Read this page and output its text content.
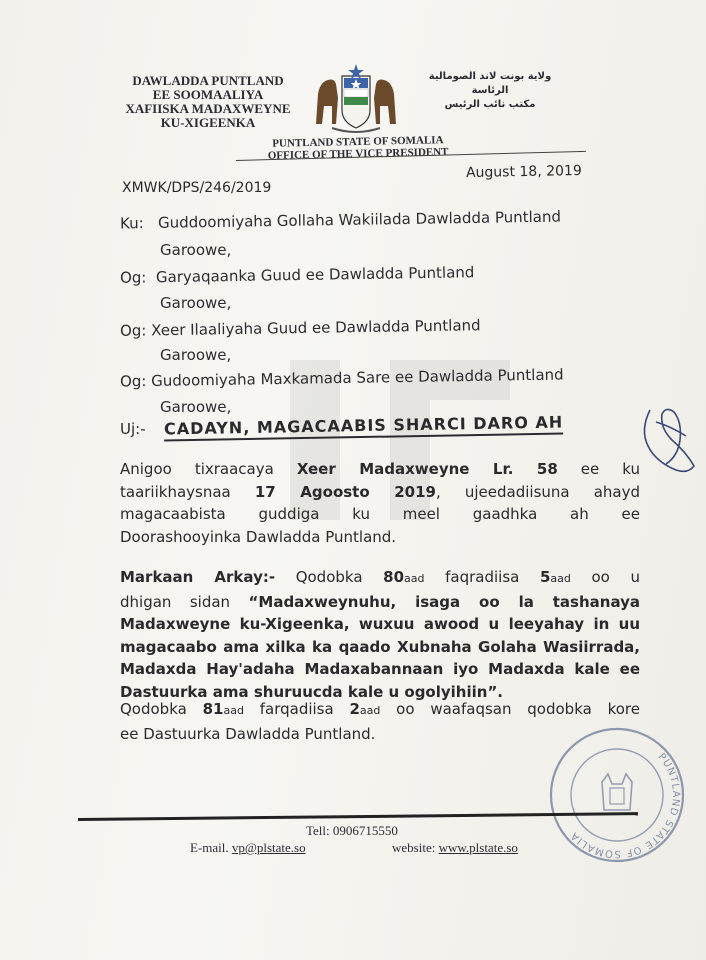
DAWLADDA PUNTLAND
EE SOOMAALIYA
XAFIISKA MADAXWEYNE
KU-XIGEENKA
ولاية بونت لاند الصومالية
الرئاسة
مكتب نائب الرئيس
PUNTLAND STATE OF SOMALIA
OFFICE OF THE VICE PRESIDENT
XMWK/DPS/246/2019
August 18, 2019
Ku: Guddoomiyaha Gollaha Wakiilada Dawladda Puntland
Garoowe,
Og: Garyaqaanka Guud ee Dawladda Puntland
Garoowe,
Og: Xeer Ilaaliyaha Guud ee Dawladda Puntland
Garoowe,
Og: Gudoomiyaha Maxkamada Sare ee Dawladda Puntland
Garoowe,
Uj:- CADAYN, MAGACAABIS SHARCI DARO AH
Anigoo tixraacaya Xeer Madaxweyne Lr. 58 ee ku
taariikhaysnaa 17 Agoosto 2019, ujeedadiisuna ahayd
magacaabista guddiga ku meel gaadhka ah ee
Doorashooyinka Dawladda Puntland.
Markaan Arkay:- Qodobka 80aad faqradiisa 5aad oo u
dhigan sidan “Madaxweynuhu, isaga oo la tashanaya
Madaxweyne ku-Xigeenka, wuxuu awood u leeyahay in uu
magacaabo ama xilka ka qaado Xubnaha Golaha Wasiirrada,
Madaxda Hay'adaha Madaxabannaan iyo Madaxda kale ee
Dastuurka ama shuruucda kale u ogolyihiin”.
Qodobka 81aad farqadiisa 2aad oo waafaqsan qodobka kore
ee Dastuurka Dawladda Puntland.
PUNTLAND STATE OF SOMALIA
Tell: 0906715550
E-mail. vp@plstate.so	website: www.plstate.so
